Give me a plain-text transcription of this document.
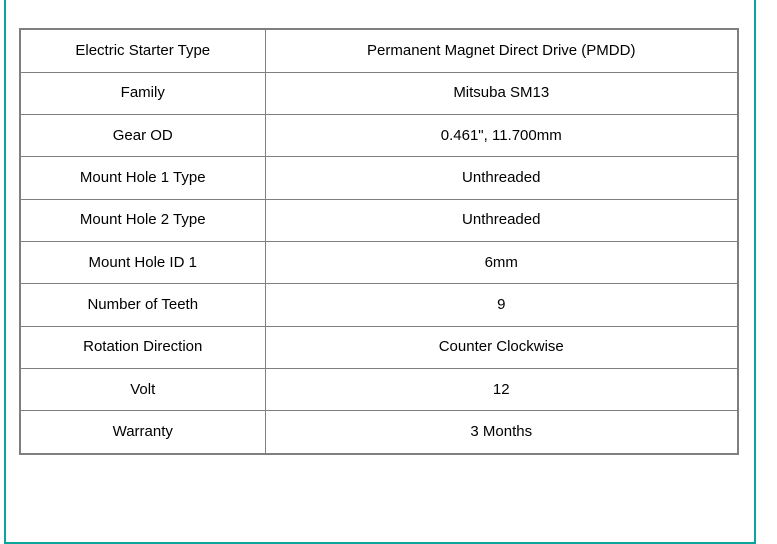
Electric Starter Type	Permanent Magnet Direct Drive (PMDD)
Family	Mitsuba SM13
Gear OD	0.461", 11.700mm
Mount Hole 1 Type	Unthreaded
Mount Hole 2 Type	Unthreaded
Mount Hole ID 1	6mm
Number of Teeth	9
Rotation Direction	Counter Clockwise
Volt	12
Warranty	3 Months
